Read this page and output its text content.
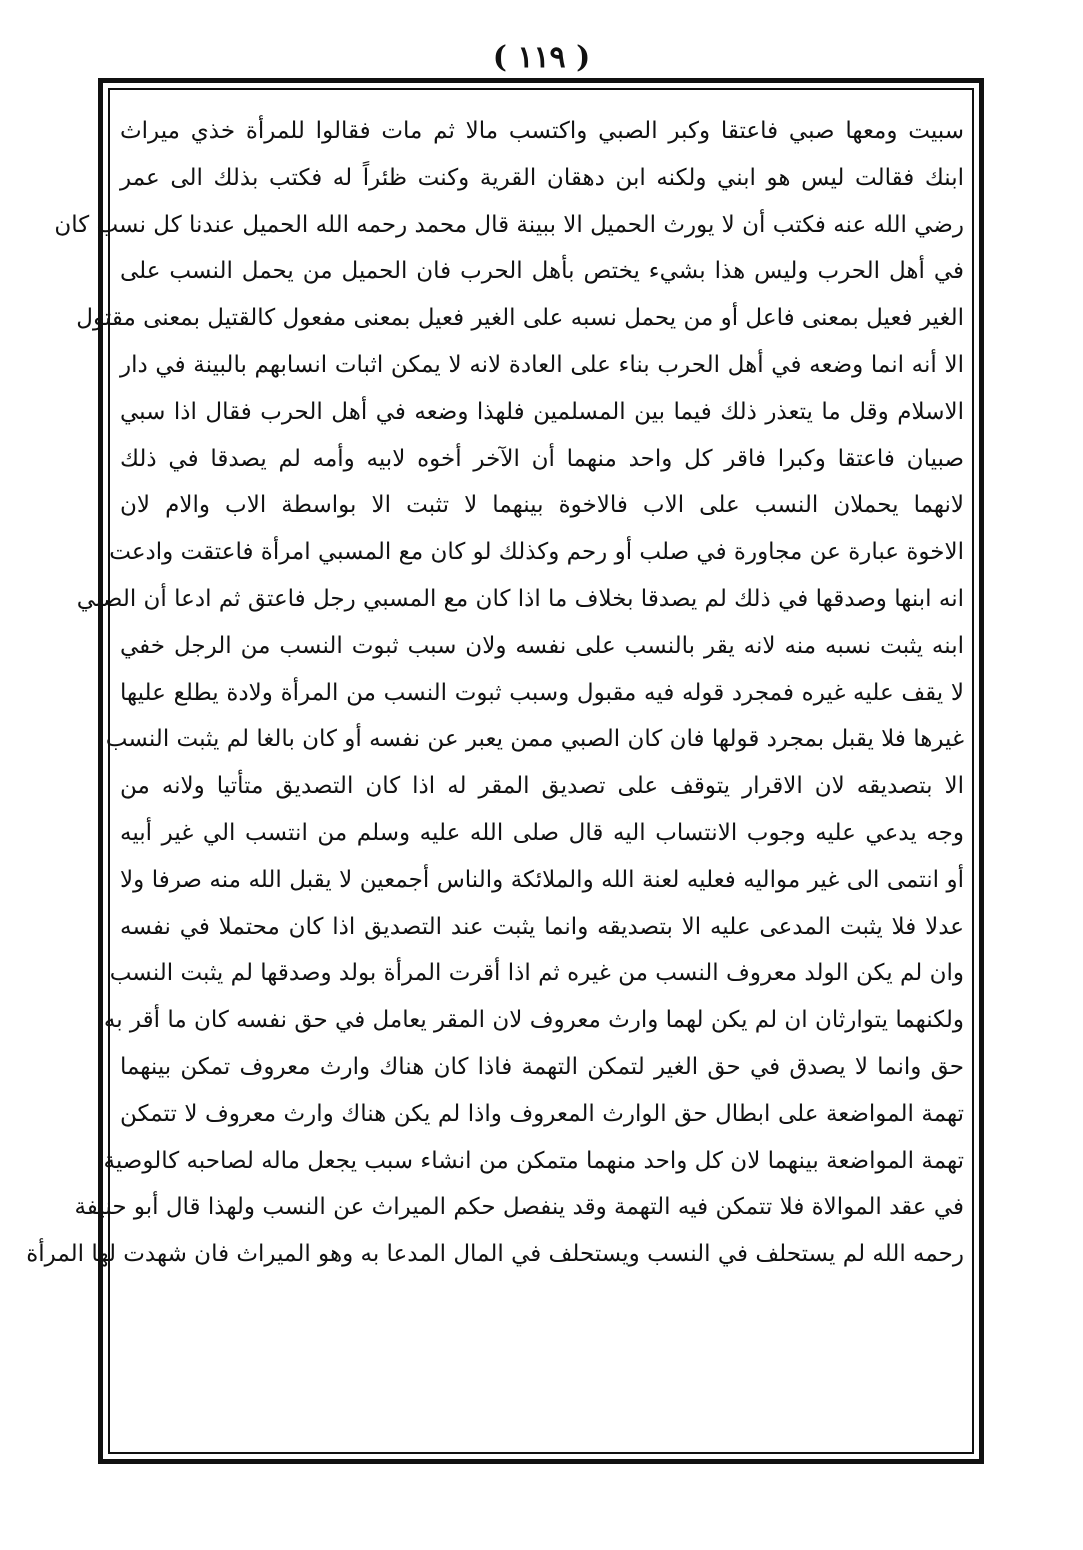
( ١١٩ )
سبيت ومعها صبي فاعتقا وكبر الصبي واكتسب مالا ثم مات فقالوا للمرأة خذي ميراث
ابنك فقالت ليس هو ابني ولكنه ابن دهقان القرية وكنت ظئراً له فكتب بذلك الى عمر
رضي الله عنه فكتب أن لا يورث الحميل الا ببينة قال محمد رحمه الله الحميل عندنا كل نسب كان
في أهل الحرب وليس هذا بشيء يختص بأهل الحرب فان الحميل من يحمل النسب على
الغير فعيل بمعنى فاعل أو من يحمل نسبه على الغير فعيل بمعنى مفعول كالقتيل بمعنى مقتول
الا أنه انما وضعه في أهل الحرب بناء على العادة لانه لا يمكن اثبات انسابهم بالبينة في دار
الاسلام وقل ما يتعذر ذلك فيما بين المسلمين فلهذا وضعه في أهل الحرب فقال اذا سبي
صبيان فاعتقا وكبرا فاقر كل واحد منهما أن الآخر أخوه لابيه وأمه لم يصدقا في ذلك
لانهما يحملان النسب على الاب فالاخوة بينهما لا تثبت الا بواسطة الاب والام لان
الاخوة عبارة عن مجاورة في صلب أو رحم وكذلك لو كان مع المسبي امرأة فاعتقت وادعت
انه ابنها وصدقها في ذلك لم يصدقا بخلاف ما اذا كان مع المسبي رجل فاعتق ثم ادعا أن الصبي
ابنه يثبت نسبه منه لانه يقر بالنسب على نفسه ولان سبب ثبوت النسب من الرجل خفي
لا يقف عليه غيره فمجرد قوله فيه مقبول وسبب ثبوت النسب من المرأة ولادة يطلع عليها
غيرها فلا يقبل بمجرد قولها فان كان الصبي ممن يعبر عن نفسه أو كان بالغا لم يثبت النسب
الا بتصديقه لان الاقرار يتوقف على تصديق المقر له اذا كان التصديق متأتيا ولانه من
وجه يدعي عليه وجوب الانتساب اليه قال صلى الله عليه وسلم من انتسب الي غير أبيه
أو انتمى الى غير مواليه فعليه لعنة الله والملائكة والناس أجمعين لا يقبل الله منه صرفا ولا
عدلا فلا يثبت المدعى عليه الا بتصديقه وانما يثبت عند التصديق اذا كان محتملا في نفسه
وان لم يكن الولد معروف النسب من غيره ثم اذا أقرت المرأة بولد وصدقها لم يثبت النسب
ولكنهما يتوارثان ان لم يكن لهما وارث معروف لان المقر يعامل في حق نفسه كان ما أقر به
حق وانما لا يصدق في حق الغير لتمكن التهمة فاذا كان هناك وارث معروف تمكن بينهما
تهمة المواضعة على ابطال حق الوارث المعروف واذا لم يكن هناك وارث معروف لا تتمكن
تهمة المواضعة بينهما لان كل واحد منهما متمكن من انشاء سبب يجعل ماله لصاحبه كالوصية
في عقد الموالاة فلا تتمكن فيه التهمة وقد ينفصل حكم الميراث عن النسب ولهذا قال أبو حنيفة
رحمه الله لم يستحلف في النسب ويستحلف في المال المدعا به وهو الميراث فان شهدت لها المرأة
